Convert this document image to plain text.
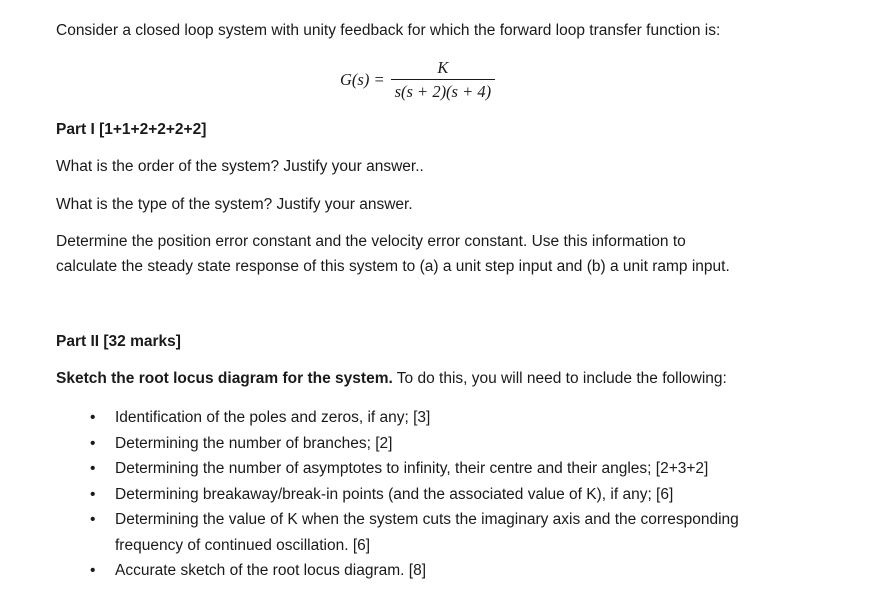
Consider a closed loop system with unity feedback for which the forward loop transfer function is:
$G(s) = \frac{K}{s(s + 2)(s + 4)}$
Part I [1+1+2+2+2+2]
What is the order of the system? Justify your answer..
What is the type of the system? Justify your answer.
Determine the position error constant and the velocity error constant. Use this information to
calculate the steady state response of this system to (a) a unit step input and (b) a unit ramp input.
Part II [32 marks]
Sketch the root locus diagram for the system. To do this, you will need to include the following:
• Identification of the poles and zeros, if any; [3]
• Determining the number of branches; [2]
• Determining the number of asymptotes to infinity, their centre and their angles; [2+3+2]
• Determining breakaway/break-in points (and the associated value of K), if any; [6]
• Determining the value of K when the system cuts the imaginary axis and the corresponding
frequency of continued oscillation. [6]
• Accurate sketch of the root locus diagram. [8]
